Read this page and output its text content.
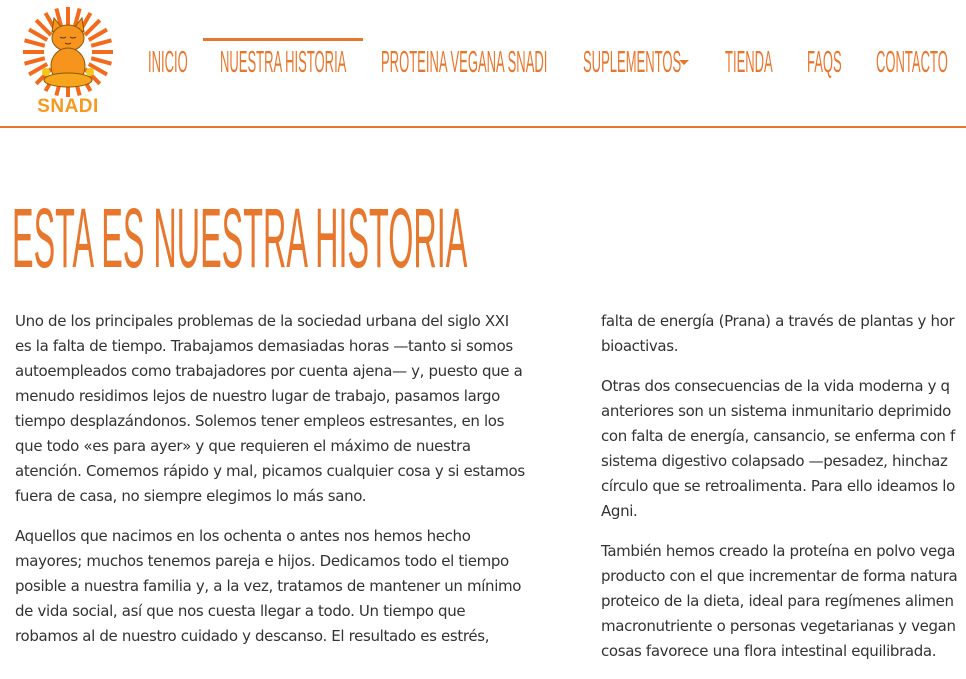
SNADI
INICIO	NUESTRA HISTORIA	PROTEINA VEGANA SNADI	SUPLEMENTOS	TIENDA	FAQS	CONTACTO
ESTA ES NUESTRA HISTORIA

Uno de los principales problemas de la sociedad urbana del siglo XXI
es la falta de tiempo. Trabajamos demasiadas horas —tanto si somos
autoempleados como trabajadores por cuenta ajena— y, puesto que a
menudo residimos lejos de nuestro lugar de trabajo, pasamos largo
tiempo desplazándonos. Solemos tener empleos estresantes, en los
que todo «es para ayer» y que requieren el máximo de nuestra
atención. Comemos rápido y mal, picamos cualquier cosa y si estamos
fuera de casa, no siempre elegimos lo más sano.

Aquellos que nacimos en los ochenta o antes nos hemos hecho
mayores; muchos tenemos pareja e hijos. Dedicamos todo el tiempo
posible a nuestra familia y, a la vez, tratamos de mantener un mínimo
de vida social, así que nos cuesta llegar a todo. Un tiempo que
robamos al de nuestro cuidado y descanso. El resultado es estrés,

falta de energía (Prana) a través de plantas y hor
bioactivas.

Otras dos consecuencias de la vida moderna y q
anteriores son un sistema inmunitario deprimido
con falta de energía, cansancio, se enferma con f
sistema digestivo colapsado —pesadez, hinchaz
círculo que se retroalimenta. Para ello ideamos lo
Agni.

También hemos creado la proteína en polvo vega
producto con el que incrementar de forma natura
proteico de la dieta, ideal para regímenes alimen
macronutriente o personas vegetarianas y vegan
cosas favorece una flora intestinal equilibrada.
